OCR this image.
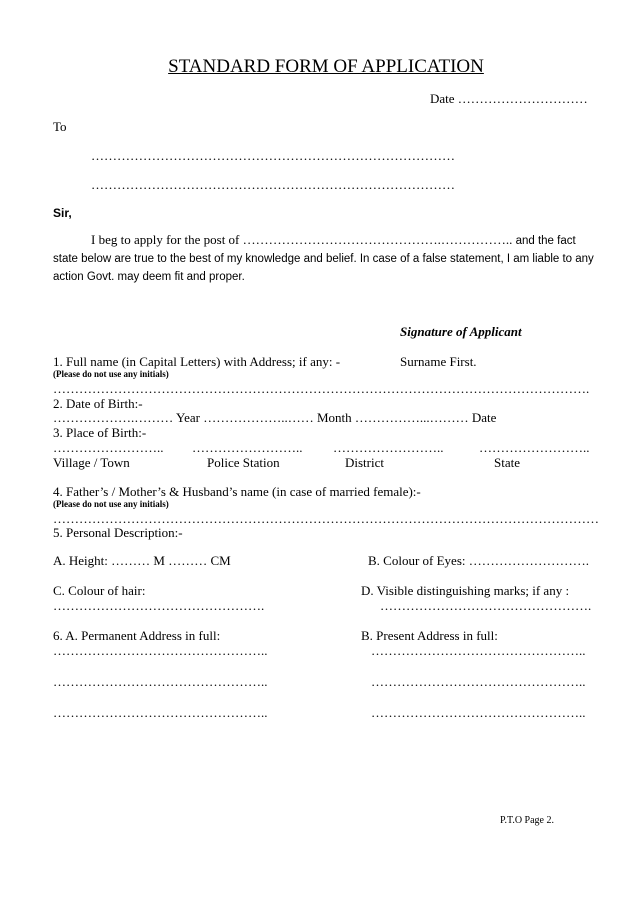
STANDARD FORM OF APPLICATION
Date …………………………
To
…………………………………………………………………………
…………………………………………………………………………
Sir,
I beg to apply for the post of ……………………………………….…………….. and the fact state below are true to the best of my knowledge and belief. In case of a false statement, I am liable to any action Govt. may deem fit and proper.
Signature of Applicant
1. Full name (in Capital Letters) with Address; if any: -	Surname First.
(Please do not use any initials)
…………………………………………………………………………………………………………….
2. Date of Birth:-
……………….……… Year ………………..…… Month ……………...……… Date
3. Place of Birth:-
…………………….. …………………….. ……………………..	……………………..
Village / Town	Police Station	District	State
4. Father’s / Mother’s & Husband’s name (in case of married female):-
(Please do not use any initials)
………………………………………………………………………………………………………………
5. Personal Description:-
A. Height: ……… M ……… CM	B. Colour of Eyes: ……………………….
C. Colour of hair:	D. Visible distinguishing marks; if any :
………………………………………….	………………………………………….
6. A. Permanent Address in full:	B. Present Address in full:
…………………………………………..	…………………………………………..
…………………………………………..	…………………………………………..
…………………………………………..	…………………………………………..
P.T.O Page 2.
